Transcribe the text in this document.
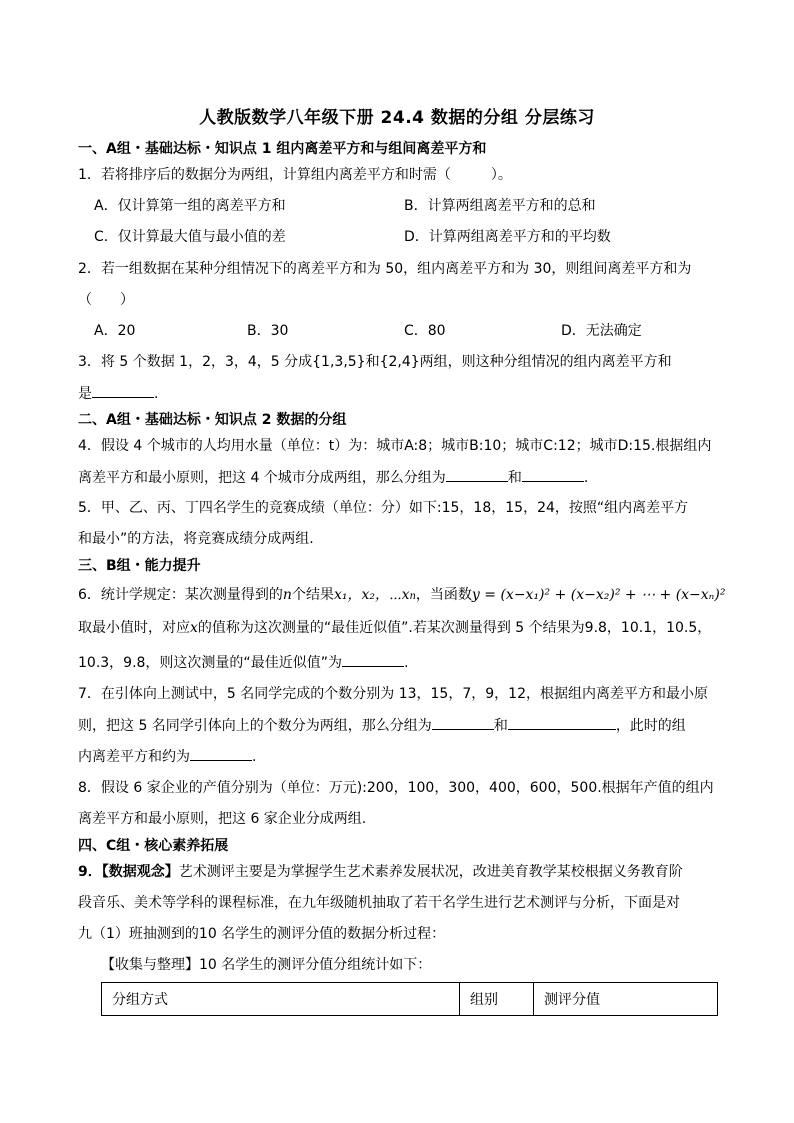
人教版数学八年级下册 24.4 数据的分组 分层练习
一、A组・基础达标・知识点 1 组内离差平方和与组间离差平方和
1．若将排序后的数据分为两组，计算组内离差平方和时需（	）。
A．仅计算第一组的离差平方和	B．计算两组离差平方和的总和
C．仅计算最大值与最小值的差	D．计算两组离差平方和的平均数
2．若一组数据在某种分组情况下的离差平方和为 50，组内离差平方和为 30，则组间离差平方和为
（　　）
A．20	B．30	C．80	D．无法确定
3．将 5 个数据 1，2，3，4，5 分成{1,3,5}和{2,4}两组，则这种分组情况的组内离差平方和
是	.
二、A组・基础达标・知识点 2 数据的分组
4．假设 4 个城市的人均用水量（单位：t）为：城市A:8；城市B:10；城市C:12；城市D:15.根据组内
离差平方和最小原则，把这 4 个城市分成两组，那么分组为	和	.
5．甲、乙、丙、丁四名学生的竞赛成绩（单位：分）如下:15，18，15，24，按照“组内离差平方
和最小”的方法，将竞赛成绩分成两组.
三、B组・能力提升
6．统计学规定：某次测量得到的n个结果x₁，x₂，⋯xn，当函数y = (x−x₁)² + (x−x₂)² + ⋯ + (x−xₙ)²
取最小值时，对应x的值称为这次测量的“最佳近似值”.若某次测量得到 5 个结果为9.8，10.1，10.5，
10.3，9.8，则这次测量的“最佳近似值”为	.
7．在引体向上测试中，5 名同学完成的个数分别为 13，15，7，9，12，根据组内离差平方和最小原
则，把这 5 名同学引体向上的个数分为两组，那么分组为	和	，此时的组
内离差平方和约为	.
8．假设 6 家企业的产值分别为（单位：万元):200，100，300，400，600，500.根据年产值的组内
离差平方和最小原则，把这 6 家企业分成两组.
四、C组・核心素养拓展
9．【数据观念】艺术测评主要是为掌握学生艺术素养发展状况，改进美育教学某校根据义务教育阶
段音乐、美术等学科的课程标准，在九年级随机抽取了若干名学生进行艺术测评与分析，下面是对
九（1）班抽测到的10 名学生的测评分值的数据分析过程：
【收集与整理】10 名学生的测评分值分组统计如下：
分组方式	组别	测评分值
